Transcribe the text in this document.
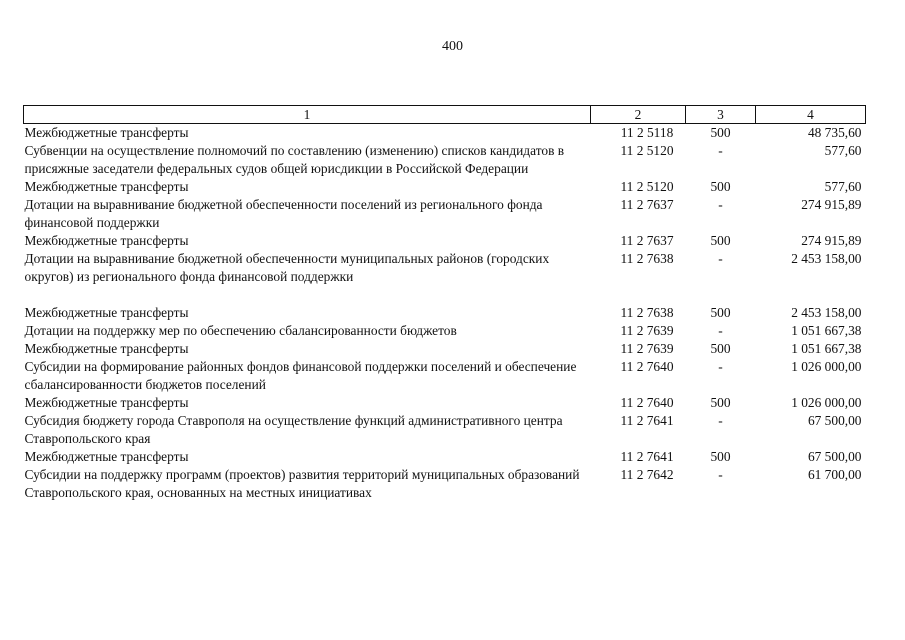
400
1	2	3	4
Межбюджетные трансферты	11 2 5118	500	48 735,60
Субвенции на осуществление полномочий по составлению (изменению) списков кандидатов в присяжные заседатели федеральных судов общей юрисдикции в Российской Федерации	11 2 5120	-	577,60
Межбюджетные трансферты	11 2 5120	500	577,60
Дотации на выравнивание бюджетной обеспеченности поселений из регионального фонда финансовой поддержки	11 2 7637	-	274 915,89
Межбюджетные трансферты	11 2 7637	500	274 915,89
Дотации на выравнивание бюджетной обеспеченности муниципальных районов (городских округов) из регионального фонда финансовой поддержки	11 2 7638	-	2 453 158,00
Межбюджетные трансферты	11 2 7638	500	2 453 158,00
Дотации на поддержку мер по обеспечению сбалансированности бюджетов	11 2 7639	-	1 051 667,38
Межбюджетные трансферты	11 2 7639	500	1 051 667,38
Субсидии на формирование районных фондов финансовой поддержки поселений и обеспечение сбалансированности бюджетов поселений	11 2 7640	-	1 026 000,00
Межбюджетные трансферты	11 2 7640	500	1 026 000,00
Субсидия бюджету города Ставрополя на осуществление функций административного центра Ставропольского края	11 2 7641	-	67 500,00
Межбюджетные трансферты	11 2 7641	500	67 500,00
Субсидии на поддержку программ (проектов) развития территорий муниципальных образований Ставропольского края, основанных на местных инициативах	11 2 7642	-	61 700,00
